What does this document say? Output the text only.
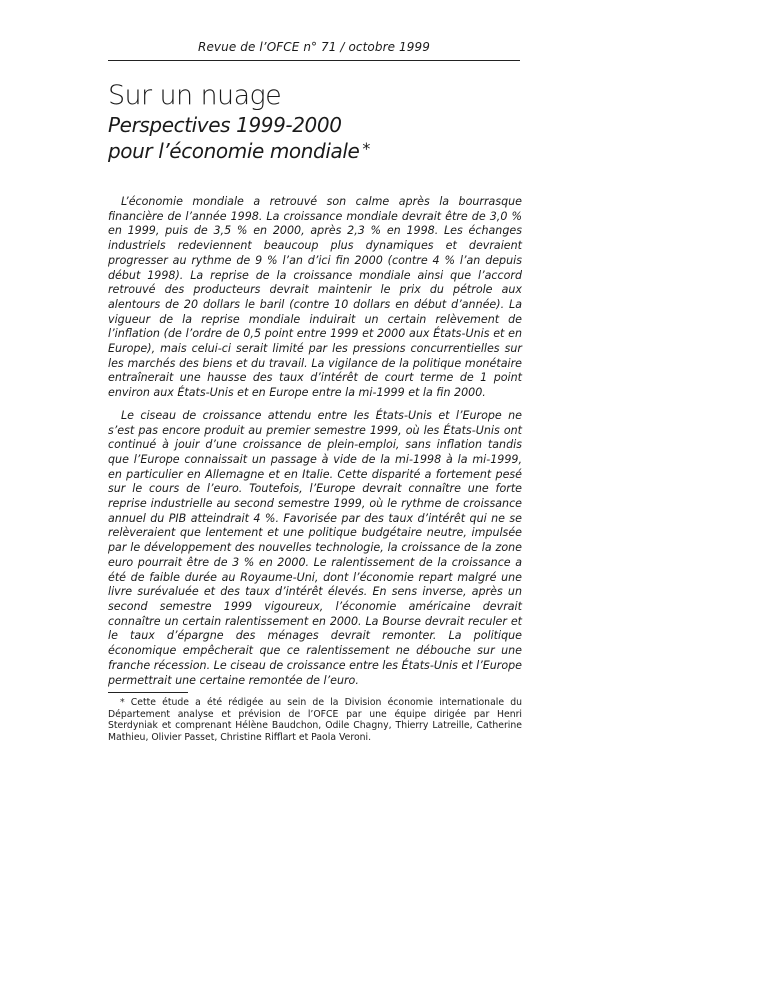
Revue de l’OFCE n° 71 / octobre 1999
Sur un nuage
Perspectives 1999-2000
pour l’économie mondiale *

L’économie mondiale a retrouvé son calme après la bourrasque financière de l’année 1998. La croissance mondiale devrait être de 3,0 % en 1999, puis de 3,5 % en 2000, après 2,3 % en 1998. Les échanges industriels redeviennent beaucoup plus dynamiques et devraient progresser au rythme de 9 % l’an d’ici fin 2000 (contre 4 % l’an depuis début 1998). La reprise de la croissance mondiale ainsi que l’accord retrouvé des producteurs devrait maintenir le prix du pétrole aux alentours de 20 dollars le baril (contre 10 dollars en début d’année). La vigueur de la reprise mondiale induirait un certain relèvement de l’inflation (de l’ordre de 0,5 point entre 1999 et 2000 aux États-Unis et en Europe), mais celui-ci serait limité par les pressions concurrentielles sur les marchés des biens et du travail. La vigilance de la politique monétaire entraînerait une hausse des taux d’intérêt de court terme de 1 point environ aux États-Unis et en Europe entre la mi-1999 et la fin 2000.

Le ciseau de croissance attendu entre les États-Unis et l’Europe ne s’est pas encore produit au premier semestre 1999, où les États-Unis ont continué à jouir d’une croissance de plein-emploi, sans inflation tandis que l’Europe connaissait un passage à vide de la mi-1998 à la mi-1999, en particulier en Allemagne et en Italie. Cette disparité a fortement pesé sur le cours de l’euro. Toutefois, l’Europe devrait connaître une forte reprise industrielle au second semestre 1999, où le rythme de croissance annuel du PIB atteindrait 4 %. Favorisée par des taux d’intérêt qui ne se relèveraient que lentement et une politique budgétaire neutre, impulsée par le développement des nouvelles technologie, la croissance de la zone euro pourrait être de 3 % en 2000. Le ralentissement de la croissance a été de faible durée au Royaume-Uni, dont l’économie repart malgré une livre surévaluée et des taux d’intérêt élevés. En sens inverse, après un second semestre 1999 vigoureux, l’économie américaine devrait connaître un certain ralentissement en 2000. La Bourse devrait reculer et le taux d’épargne des ménages devrait remonter. La politique économique empêcherait que ce ralentissement ne débouche sur une franche récession. Le ciseau de croissance entre les États-Unis et l’Europe permettrait une certaine remontée de l’euro.

* Cette étude a été rédigée au sein de la Division économie internationale du Département analyse et prévision de l’OFCE par une équipe dirigée par Henri Sterdyniak et comprenant Hélène Baudchon, Odile Chagny, Thierry Latreille, Catherine Mathieu, Olivier Passet, Christine Rifflart et Paola Veroni.
